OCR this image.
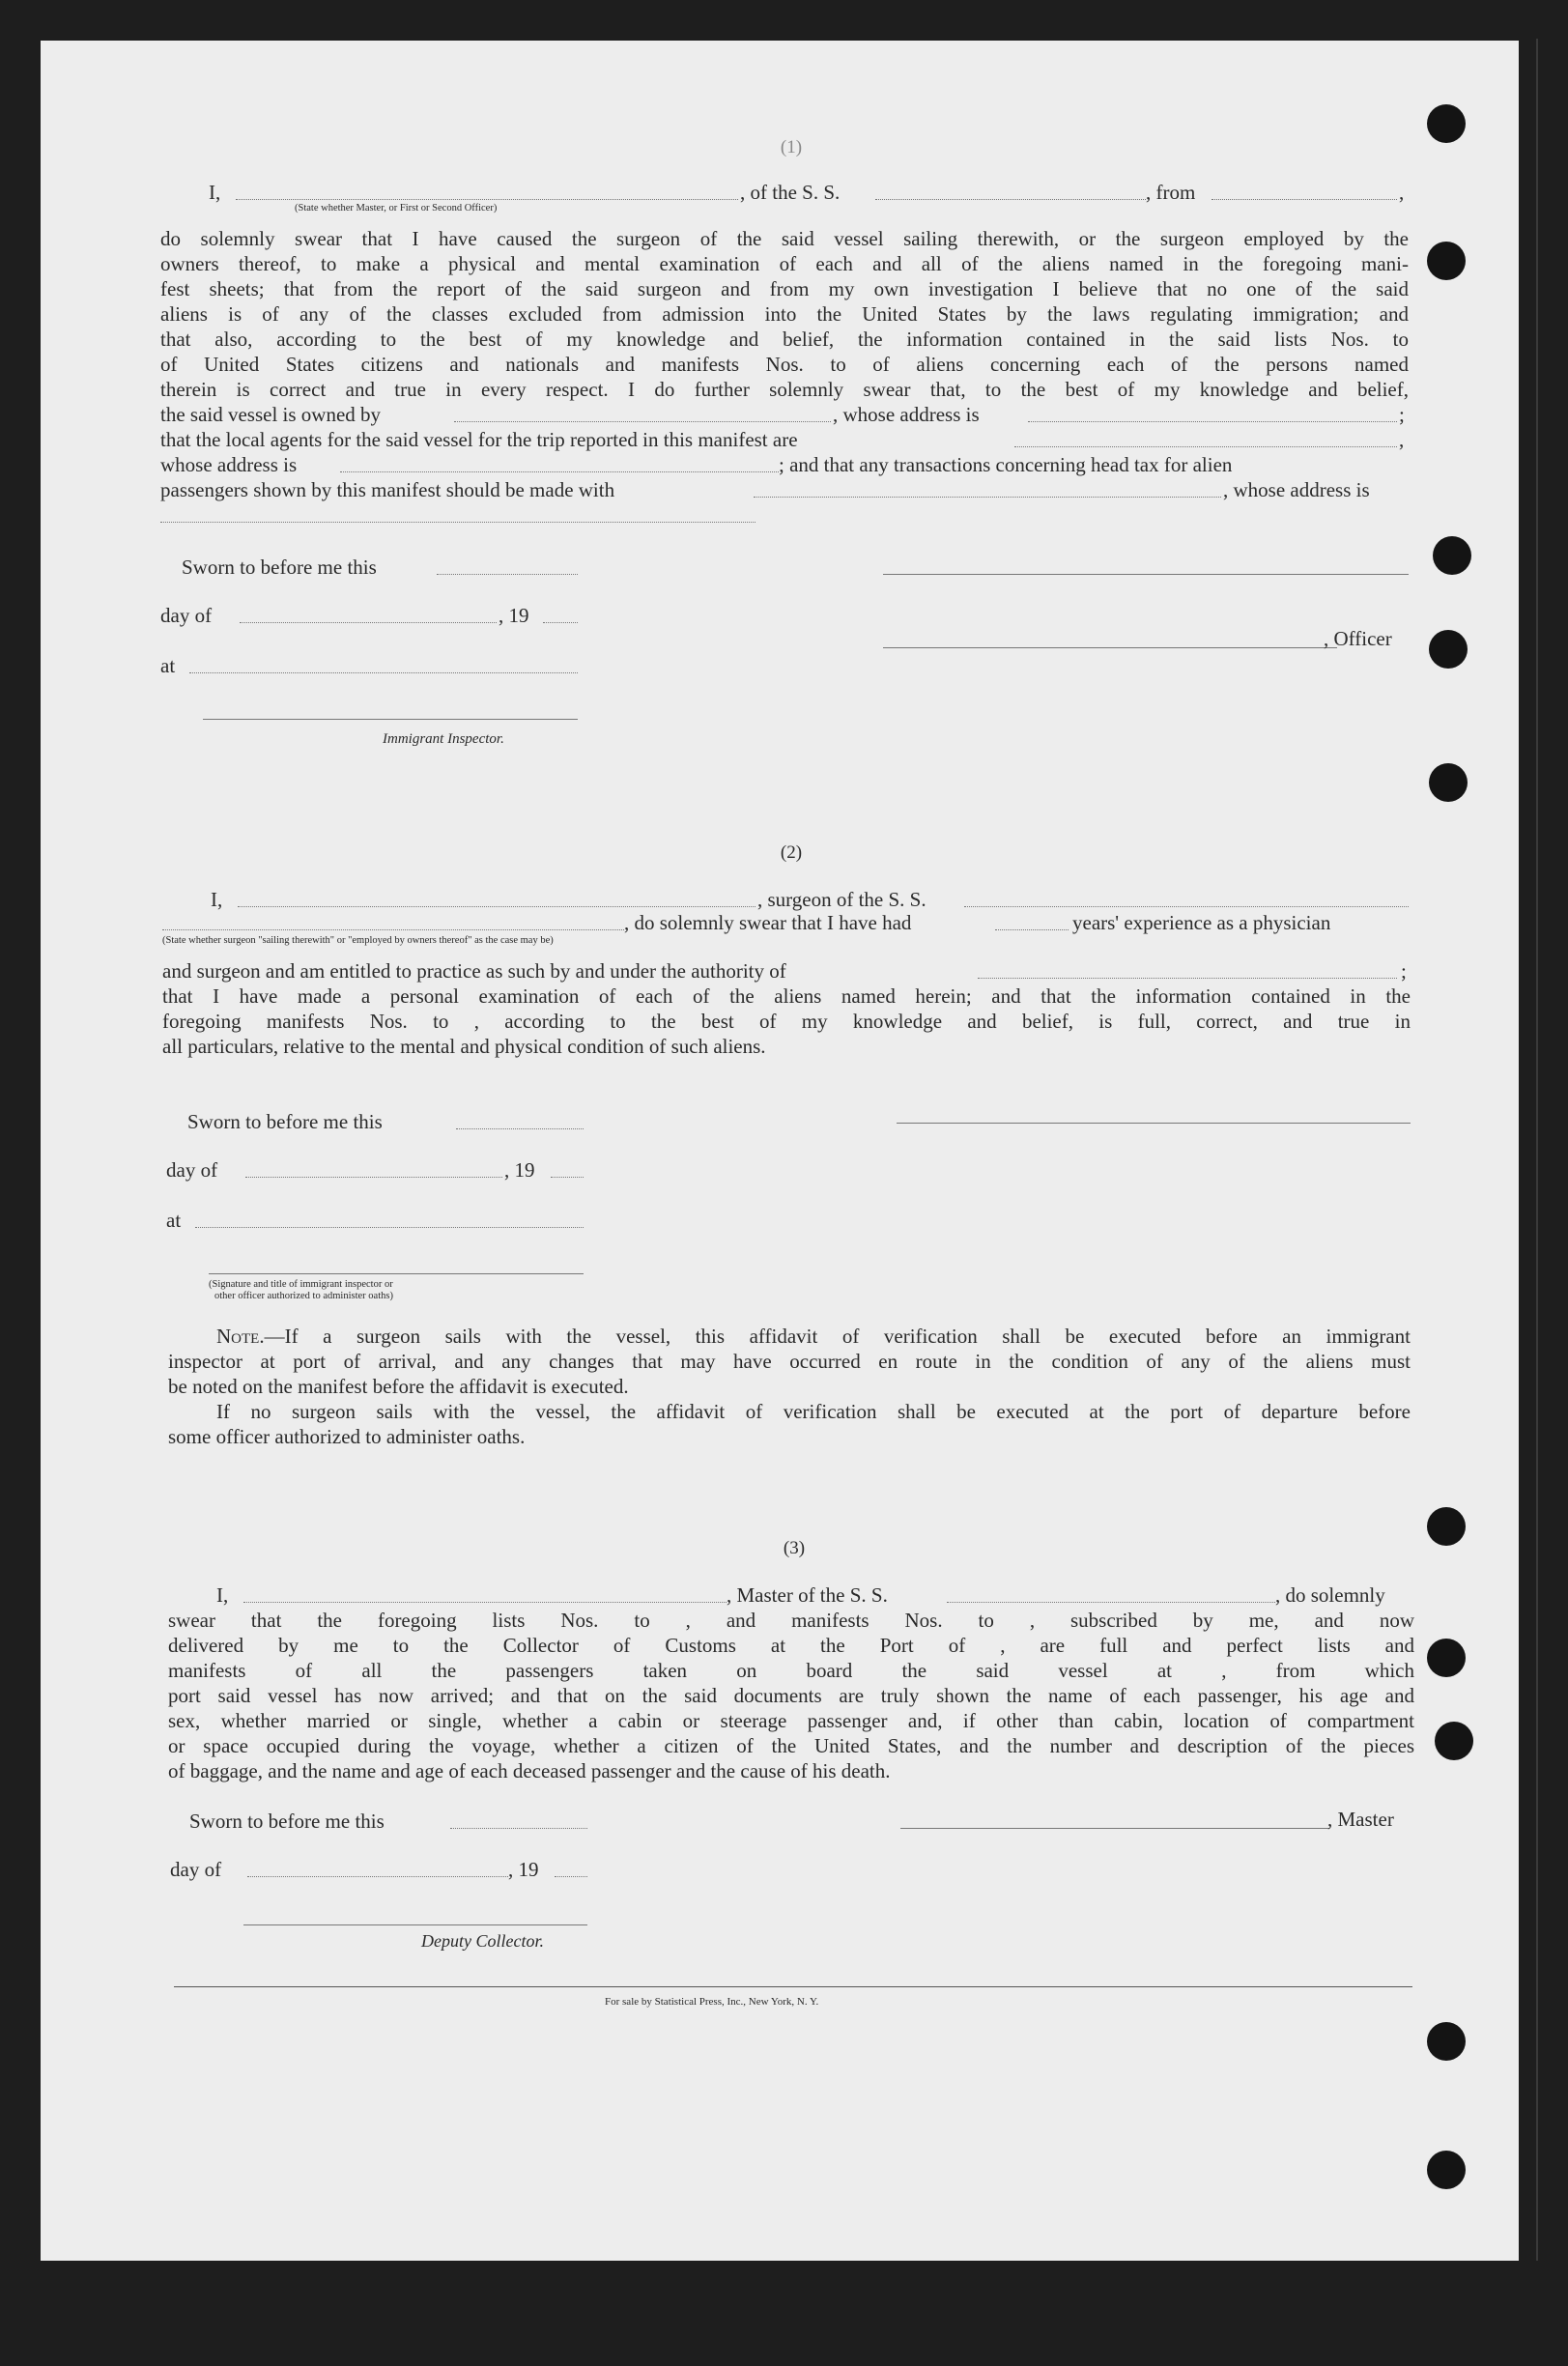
(1)
I,
(State whether Master, or First or Second Officer)
, of the S. S.	, from	,

do solemnly swear that I have caused the surgeon of the said vessel sailing therewith, or the surgeon employed by the

owners thereof, to make a physical and mental examination of each and all of the aliens named in the foregoing mani-

fest sheets; that from the report of the said surgeon and from my own investigation I believe that no one of the said

aliens is of any of the classes excluded from admission into the United States by the laws regulating immigration; and

that also, according to the best of my knowledge and belief, the information contained in the said lists Nos. to

of United States citizens and nationals and manifests Nos. to of aliens concerning each of the persons named

therein is correct and true in every respect. I do further solemnly swear that, to the best of my knowledge and belief,

the said vessel is owned by	, whose address is	;
that the local agents for the said vessel for the trip reported in this manifest are	,
whose address is	; and that any transactions concerning head tax for alien
passengers shown by this manifest should be made with	, whose address is
Sworn to before me this
day of	, 19
, Officer
at
Immigrant Inspector.
(2)
I,	, surgeon of the S. S.
, do solemnly swear that I have had	years' experience as a physician
(State whether surgeon "sailing therewith" or "employed by owners thereof" as the case may be)
and surgeon and am entitled to practice as such by and under the authority of	;

that I have made a personal examination of each of the aliens named herein; and that the information contained in the

foregoing manifests Nos. to , according to the best of my knowledge and belief, is full, correct, and true in

all particulars, relative to the mental and physical condition of such aliens.

Sworn to before me this
day of	, 19
at
(Signature and title of immigrant inspector or
other officer authorized to administer oaths)

Note.—If a surgeon sails with the vessel, this affidavit of verification shall be executed before an immigrant

inspector at port of arrival, and any changes that may have occurred en route in the condition of any of the aliens must

be noted on the manifest before the affidavit is executed.

If no surgeon sails with the vessel, the affidavit of verification shall be executed at the port of departure before

some officer authorized to administer oaths.

(3)
I,	, Master of the S. S.	, do solemnly

swear that the foregoing lists Nos. to , and manifests Nos. to , subscribed by me, and now

delivered by me to the Collector of Customs at the Port of , are full and perfect lists and

manifests of all the passengers taken on board the said vessel at , from which

port said vessel has now arrived; and that on the said documents are truly shown the name of each passenger, his age and

sex, whether married or single, whether a cabin or steerage passenger and, if other than cabin, location of compartment

or space occupied during the voyage, whether a citizen of the United States, and the number and description of the pieces

of baggage, and the name and age of each deceased passenger and the cause of his death.

Sworn to before me this	, Master
day of	, 19
Deputy Collector.
For sale by Statistical Press, Inc., New York, N. Y.
